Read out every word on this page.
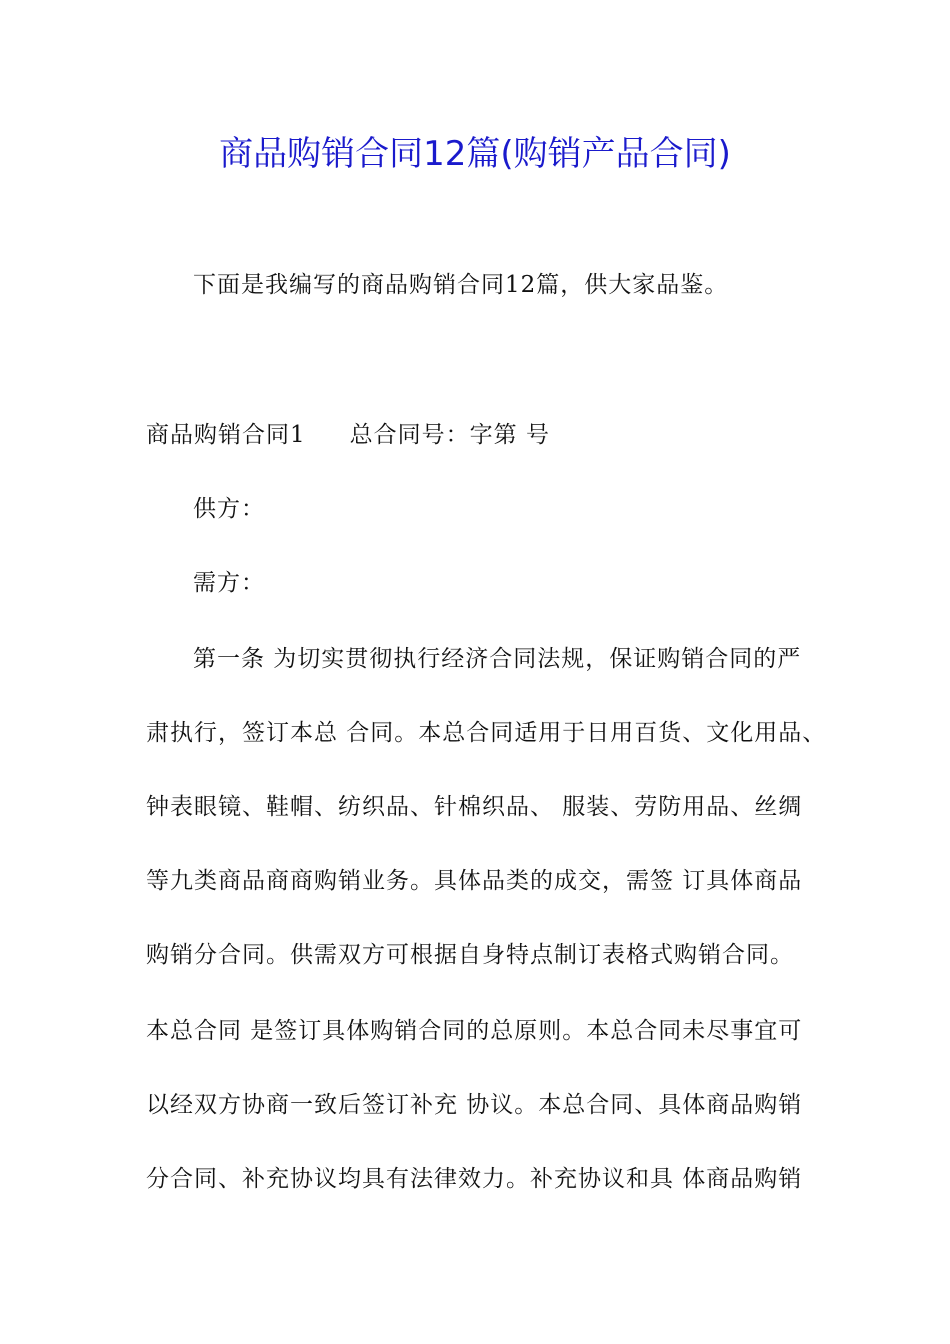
商品购销合同12篇(购销产品合同)
下面是我编写的商品购销合同12篇，供大家品鉴。
商品购销合同1 总合同号：字第 号
供方：
需方：
第一条 为切实贯彻执行经济合同法规，保证购销合同的严
肃执行，签订本总 合同。本总合同适用于日用百货、文化用品、
钟表眼镜、鞋帽、纺织品、针棉织品、 服装、劳防用品、丝绸
等九类商品商商购销业务。具体品类的成交，需签 订具体商品
购销分合同。供需双方可根据自身特点制订表格式购销合同。
本总合同 是签订具体购销合同的总原则。本总合同未尽事宜可
以经双方协商一致后签订补充 协议。本总合同、具体商品购销
分合同、补充协议均具有法律效力。补充协议和具 体商品购销
